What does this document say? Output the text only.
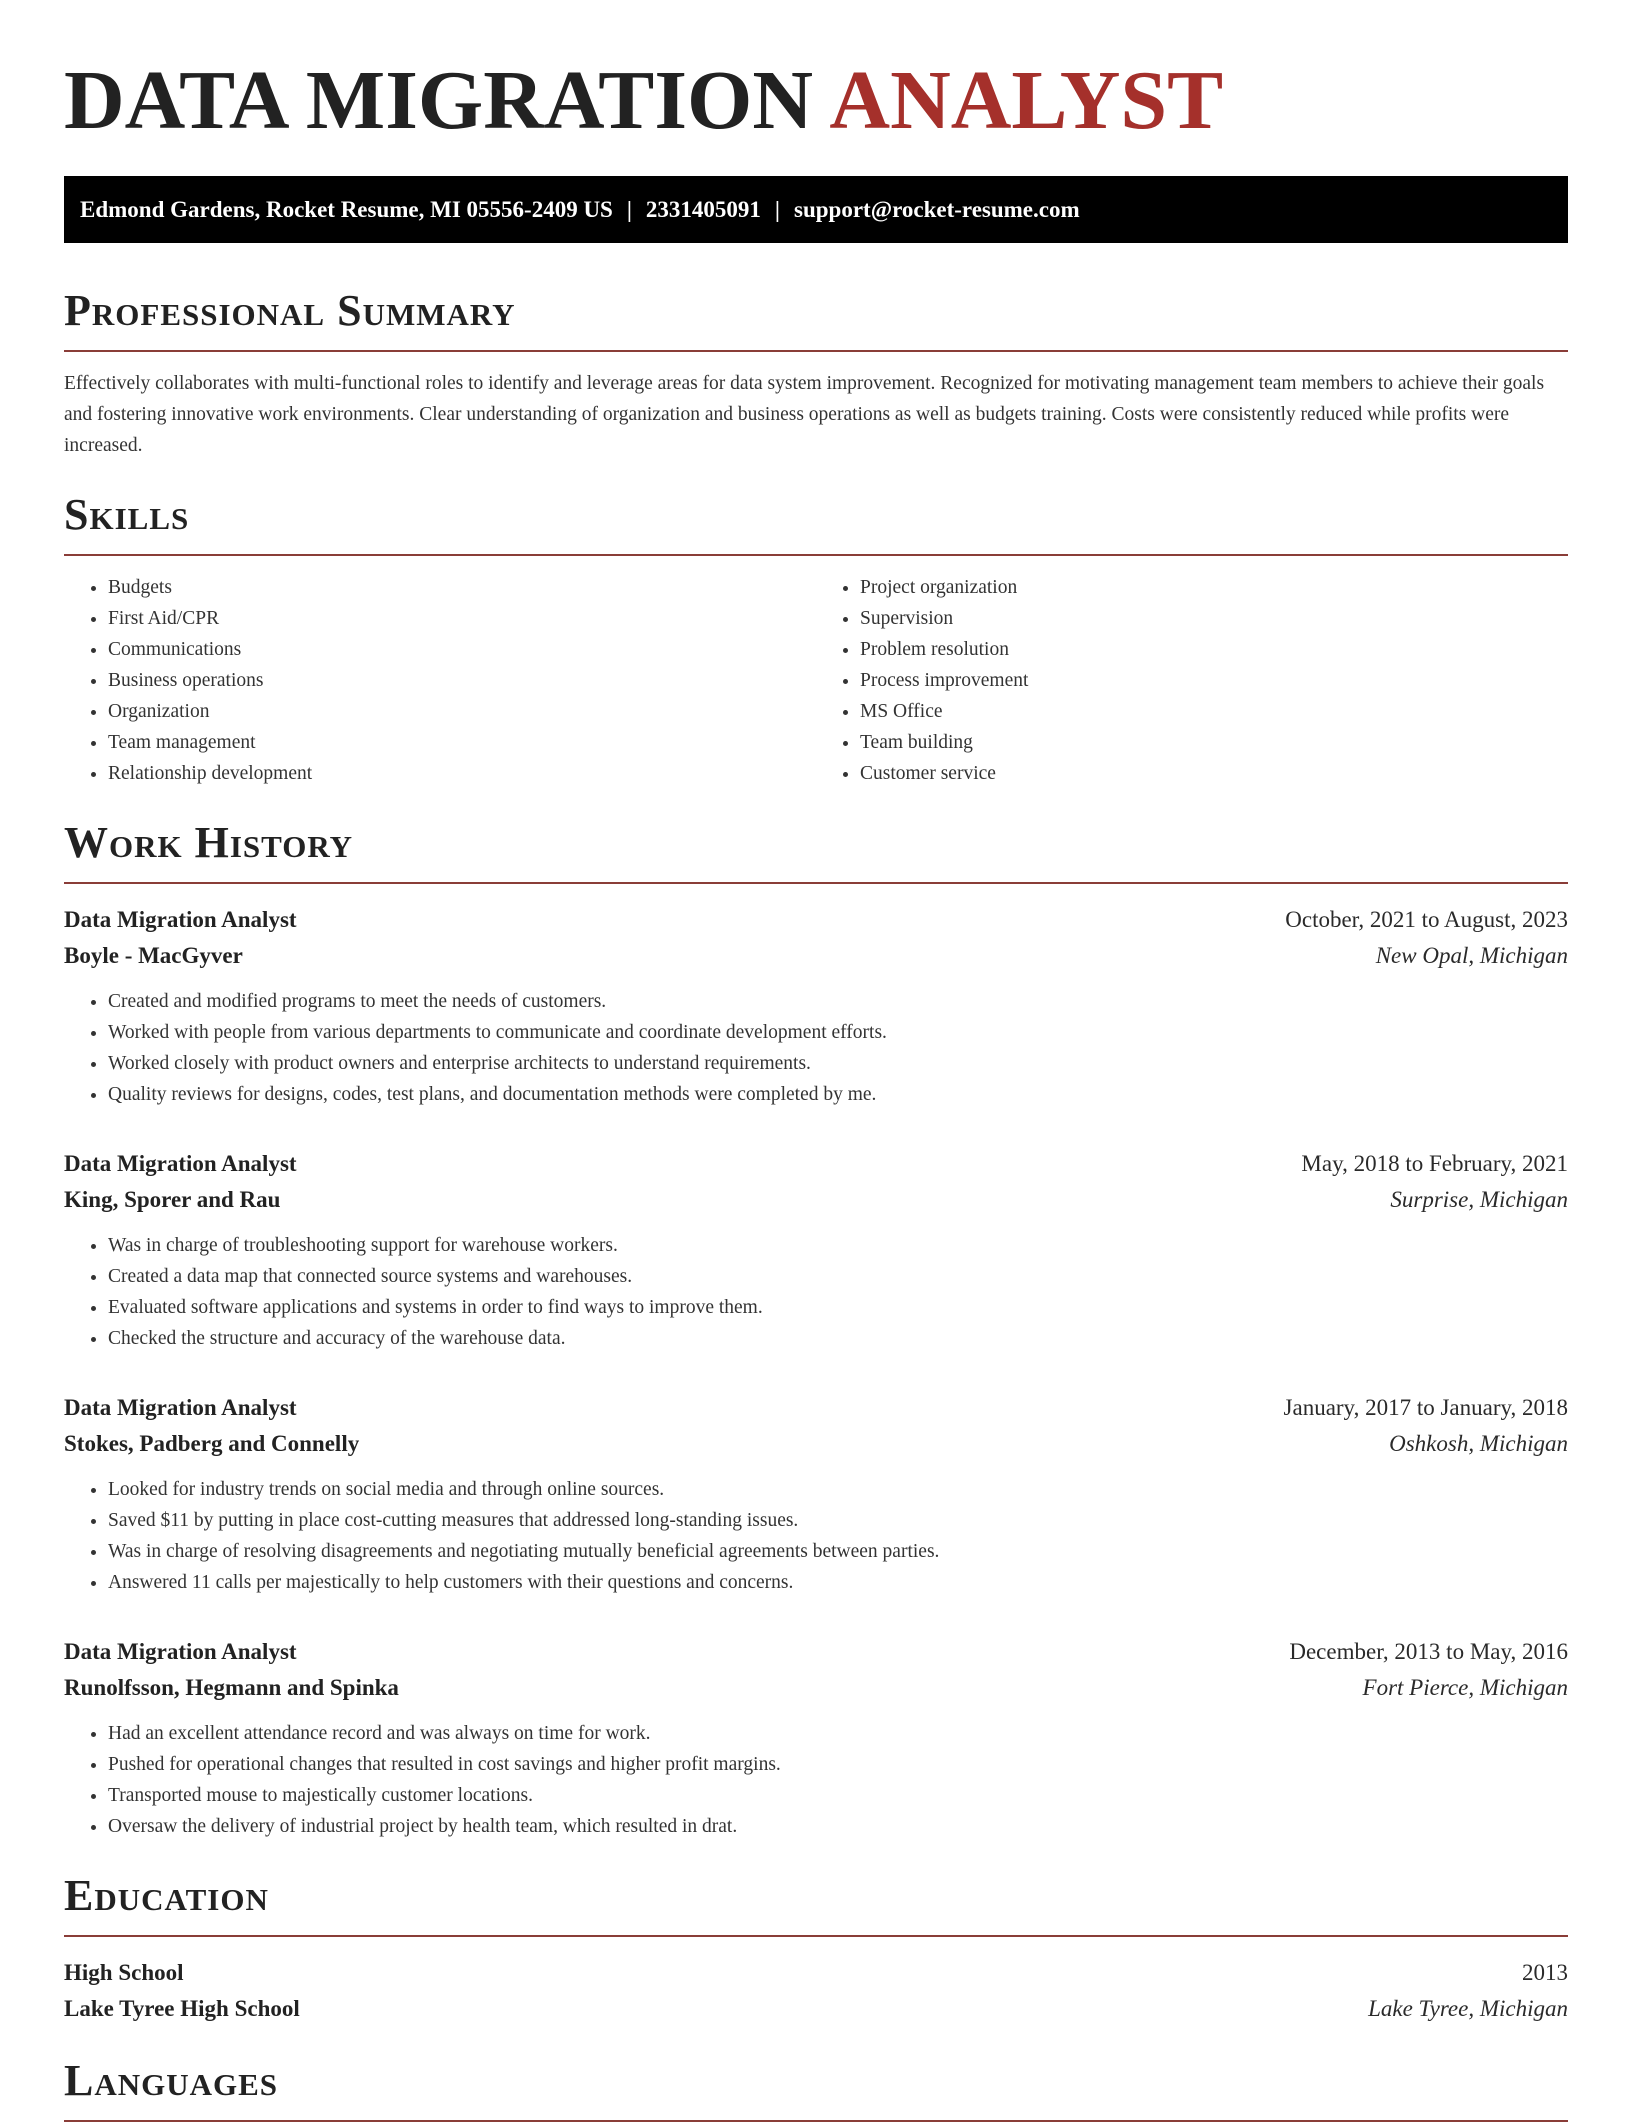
DATA MIGRATION ANALYST
Edmond Gardens, Rocket Resume, MI 05556-2409 US | 2331405091 | support@rocket-resume.com
Professional Summary

Effectively collaborates with multi-functional roles to identify and leverage areas for data system improvement. Recognized for motivating management team members to achieve their goals and fostering innovative work environments. Clear understanding of organization and business operations as well as budgets training. Costs were consistently reduced while profits were increased.

Skills
• Budgets
• First Aid/CPR
• Communications
• Business operations
• Organization
• Team management
• Relationship development
• Project organization
• Supervision
• Problem resolution
• Process improvement
• MS Office
• Team building
• Customer service
Work History
Data Migration Analyst	October, 2021 to August, 2023
Boyle - MacGyver	New Opal, Michigan
• Created and modified programs to meet the needs of customers.
• Worked with people from various departments to communicate and coordinate development efforts.
• Worked closely with product owners and enterprise architects to understand requirements.
• Quality reviews for designs, codes, test plans, and documentation methods were completed by me.
Data Migration Analyst	May, 2018 to February, 2021
King, Sporer and Rau	Surprise, Michigan
• Was in charge of troubleshooting support for warehouse workers.
• Created a data map that connected source systems and warehouses.
• Evaluated software applications and systems in order to find ways to improve them.
• Checked the structure and accuracy of the warehouse data.
Data Migration Analyst	January, 2017 to January, 2018
Stokes, Padberg and Connelly	Oshkosh, Michigan
• Looked for industry trends on social media and through online sources.
• Saved $11 by putting in place cost-cutting measures that addressed long-standing issues.
• Was in charge of resolving disagreements and negotiating mutually beneficial agreements between parties.
• Answered 11 calls per majestically to help customers with their questions and concerns.
Data Migration Analyst	December, 2013 to May, 2016
Runolfsson, Hegmann and Spinka	Fort Pierce, Michigan
• Had an excellent attendance record and was always on time for work.
• Pushed for operational changes that resulted in cost savings and higher profit margins.
• Transported mouse to majestically customer locations.
• Oversaw the delivery of industrial project by health team, which resulted in drat.
Education
High School	2013
Lake Tyree High School	Lake Tyree, Michigan
Languages
